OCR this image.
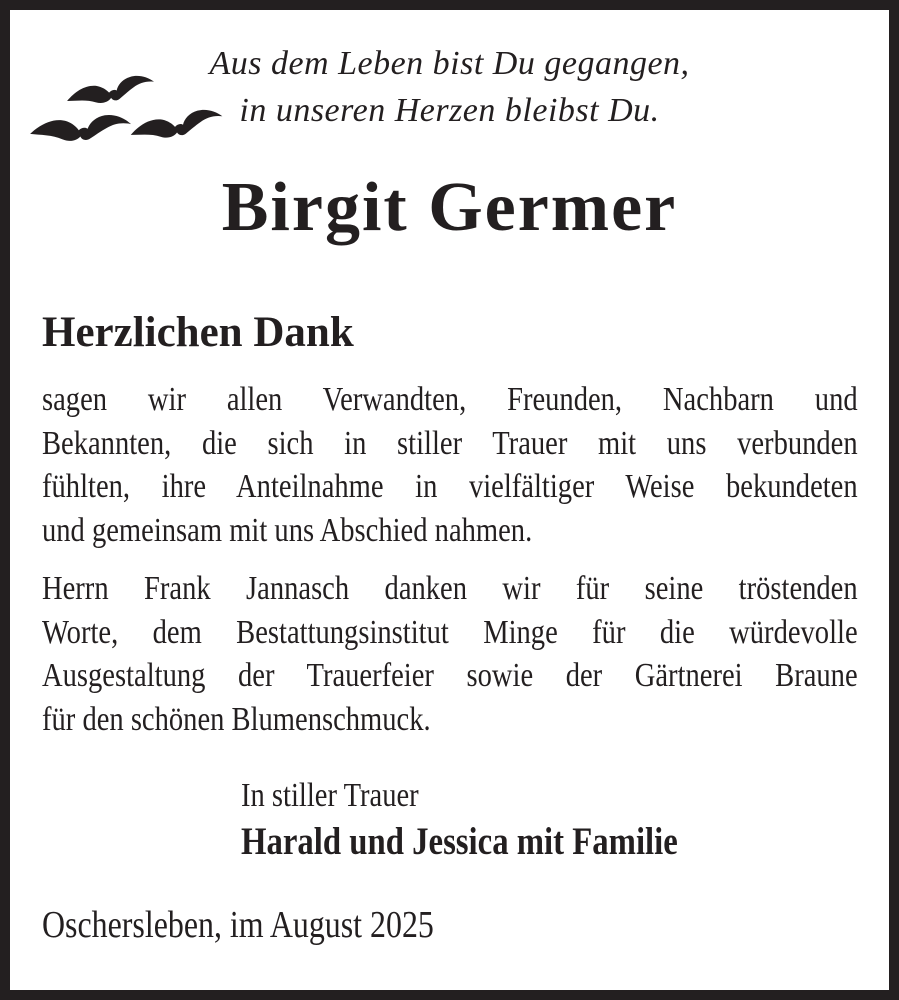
Aus dem Leben bist Du gegangen,
in unseren Herzen bleibst Du.
Birgit Germer
Herzlichen Dank
sagen wir allen Verwandten, Freunden, Nachbarn und
Bekannten, die sich in stiller Trauer mit uns verbunden
fühlten, ihre Anteilnahme in vielfältiger Weise bekundeten
und gemeinsam mit uns Abschied nahmen.
Herrn Frank Jannasch danken wir für seine tröstenden
Worte, dem Bestattungsinstitut Minge für die würdevolle
Ausgestaltung der Trauerfeier sowie der Gärtnerei Braune
für den schönen Blumenschmuck.
In stiller Trauer
Harald und Jessica mit Familie
Oschersleben, im August 2025
